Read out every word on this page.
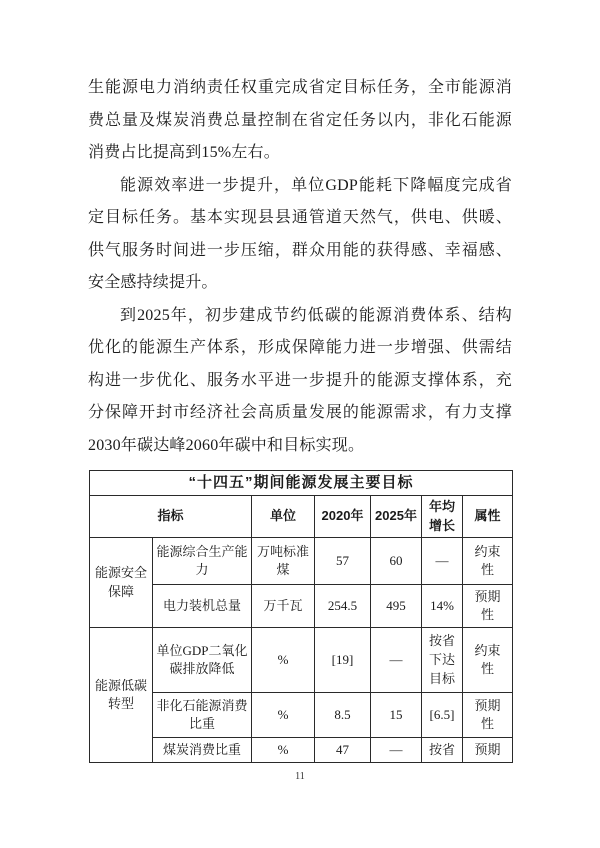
生能源电力消纳责任权重完成省定目标任务，全市能源消
费总量及煤炭消费总量控制在省定任务以内，非化石能源
消费占比提高到15%左右。
能源效率进一步提升，单位GDP能耗下降幅度完成省
定目标任务。基本实现县县通管道天然气，供电、供暖、
供气服务时间进一步压缩，群众用能的获得感、幸福感、
安全感持续提升。
到2025年，初步建成节约低碳的能源消费体系、结构
优化的能源生产体系，形成保障能力进一步增强、供需结
构进一步优化、服务水平进一步提升的能源支撑体系，充
分保障开封市经济社会高质量发展的能源需求，有力支撑
2030年碳达峰2060年碳中和目标实现。
“十四五”期间能源发展主要目标						
指标		单位	2020年	2025年	年均增长	属性
能源安全保障	能源综合生产能力	万吨标准煤	57	60	—	约束性
	电力装机总量	万千瓦	254.5	495	14%	预期性
能源低碳转型	单位GDP二氧化碳排放降低	%	[19]	—	按省下达目标	约束性
	非化石能源消费比重	%	8.5	15	[6.5]	预期性
	煤炭消费比重	%	47	—	按省	预期
11
